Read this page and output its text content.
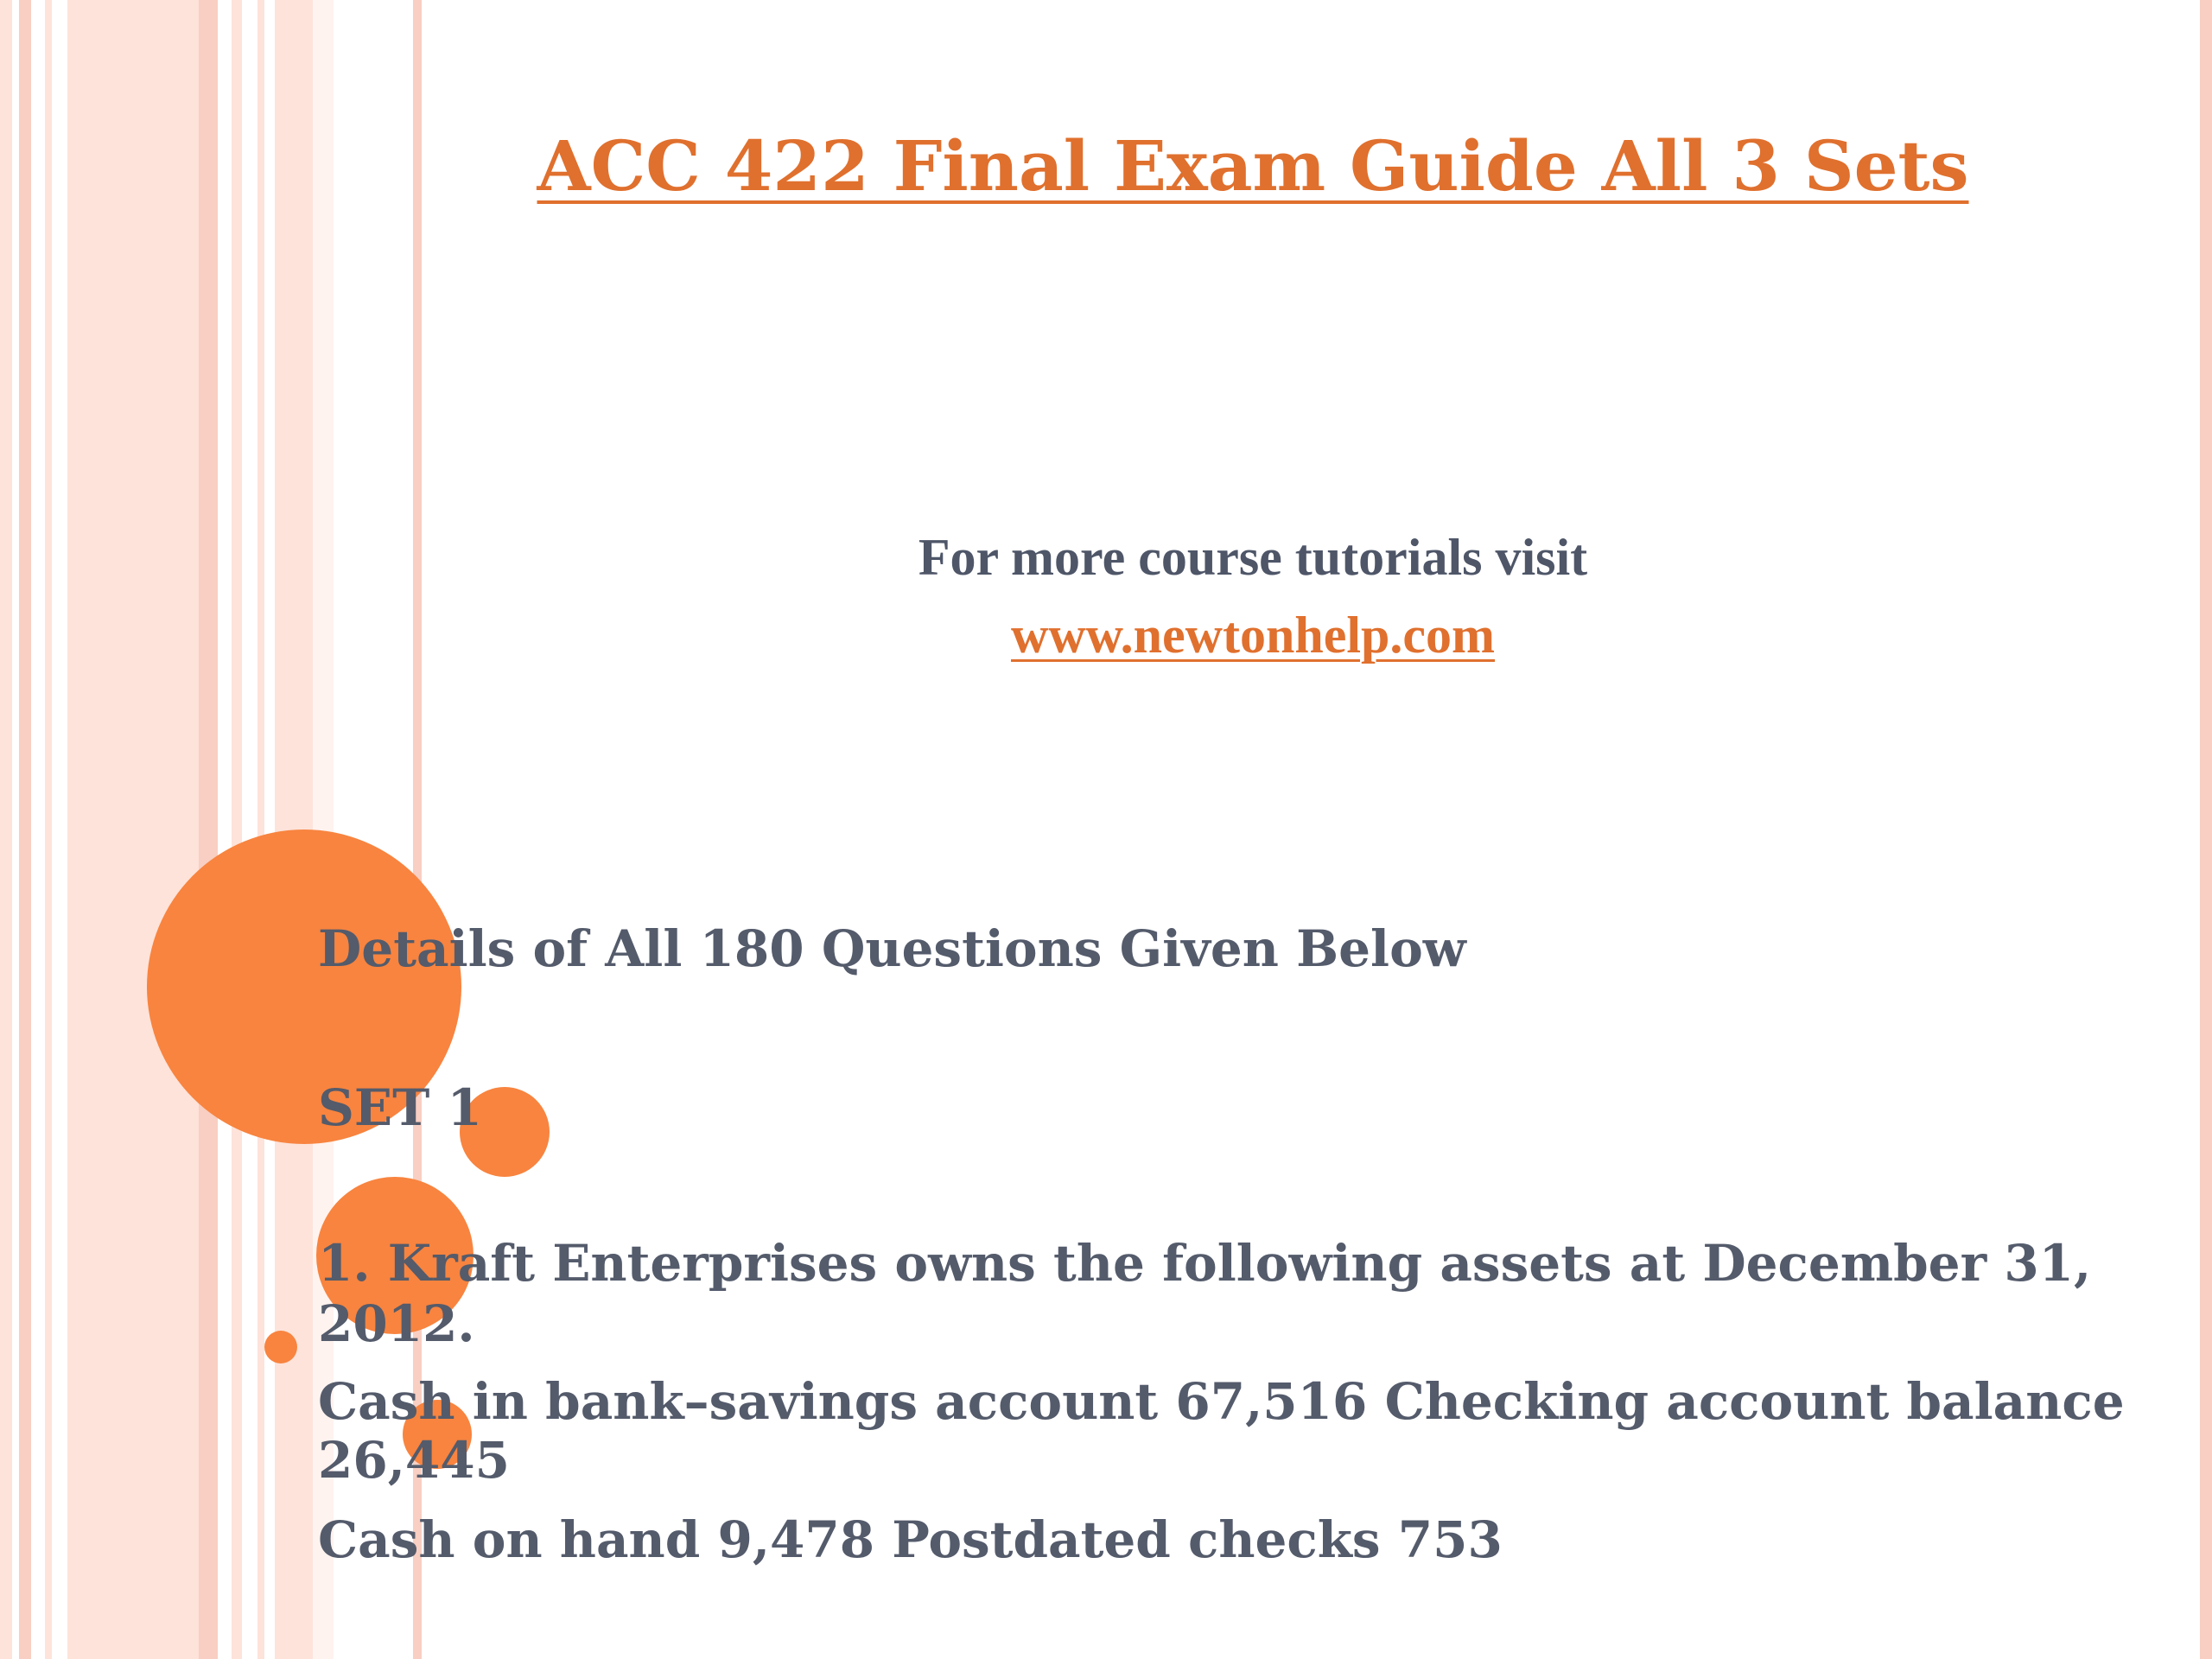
ACC 422 Final Exam Guide All 3 Sets
For more course tutorials visit
www.newtonhelp.com
Details of All 180 Questions Given Below
SET 1
1. Kraft Enterprises owns the following assets at December 31,
2012.
Cash in bank–savings account 67,516 Checking account balance
26,445
Cash on hand 9,478 Postdated checks 753
